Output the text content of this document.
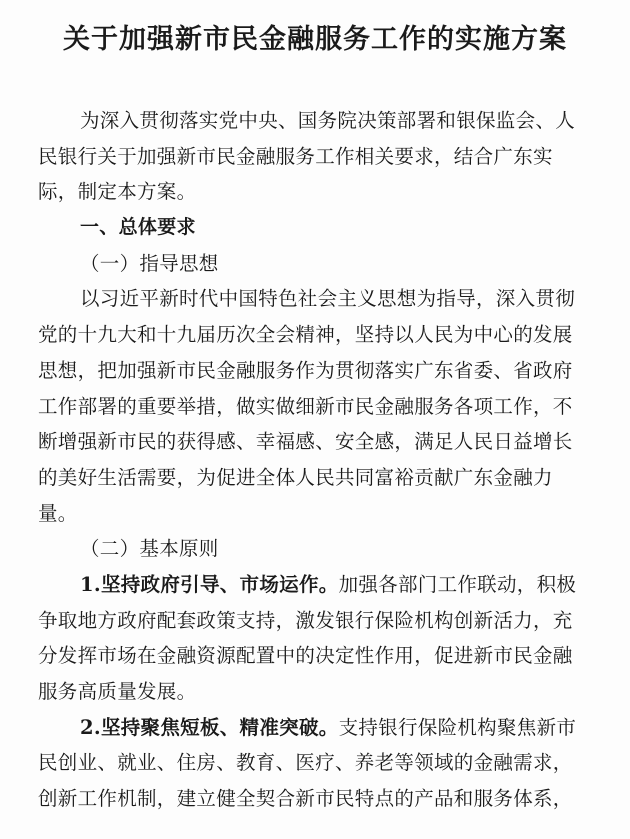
关于加强新市民金融服务工作的实施方案
为深入贯彻落实党中央、国务院决策部署和银保监会、人
民银行关于加强新市民金融服务工作相关要求，结合广东实
际，制定本方案。
一、总体要求
（一）指导思想
以习近平新时代中国特色社会主义思想为指导，深入贯彻
党的十九大和十九届历次全会精神，坚持以人民为中心的发展
思想，把加强新市民金融服务作为贯彻落实广东省委、省政府
工作部署的重要举措，做实做细新市民金融服务各项工作，不
断增强新市民的获得感、幸福感、安全感，满足人民日益增长
的美好生活需要，为促进全体人民共同富裕贡献广东金融力
量。
（二）基本原则
1.坚持政府引导、市场运作。加强各部门工作联动，积极
争取地方政府配套政策支持，激发银行保险机构创新活力，充
分发挥市场在金融资源配置中的决定性作用，促进新市民金融
服务高质量发展。
2.坚持聚焦短板、精准突破。支持银行保险机构聚焦新市
民创业、就业、住房、教育、医疗、养老等领域的金融需求，
创新工作机制，建立健全契合新市民特点的产品和服务体系，
